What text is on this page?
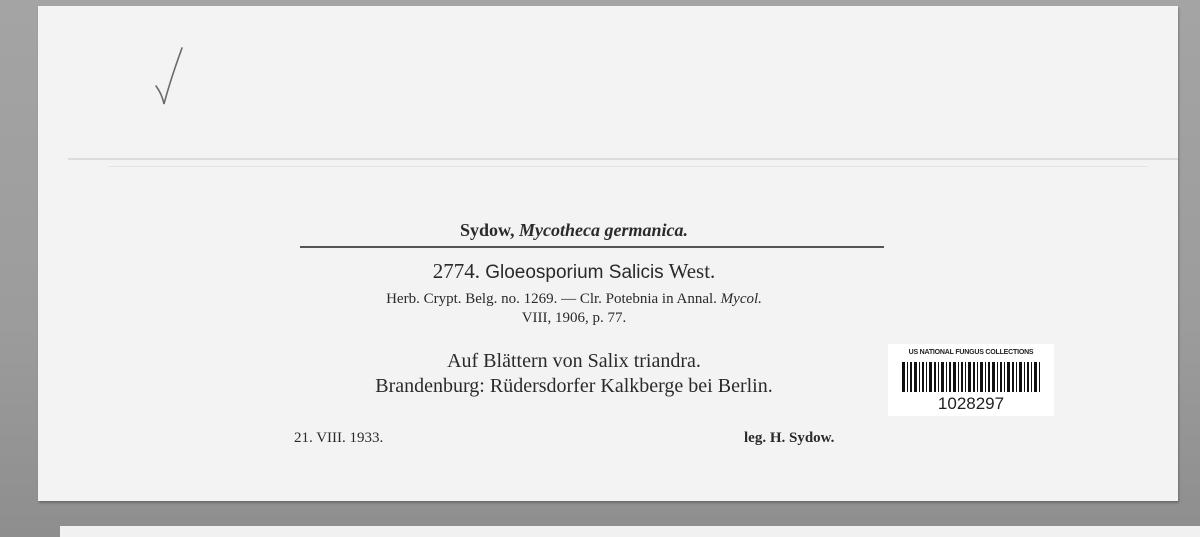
Sydow, Mycotheca germanica.
2774. Gloeosporium Salicis West.
Herb. Crypt. Belg. no. 1269. — Clr. Potebnia in Annal. Mycol.
VIII, 1906, p. 77.
Auf Blättern von Salix triandra.
Brandenburg: Rüdersdorfer Kalkberge bei Berlin.
21. VIII. 1933.	leg. H. Sydow.
US NATIONAL FUNGUS COLLECTIONS
1028297
